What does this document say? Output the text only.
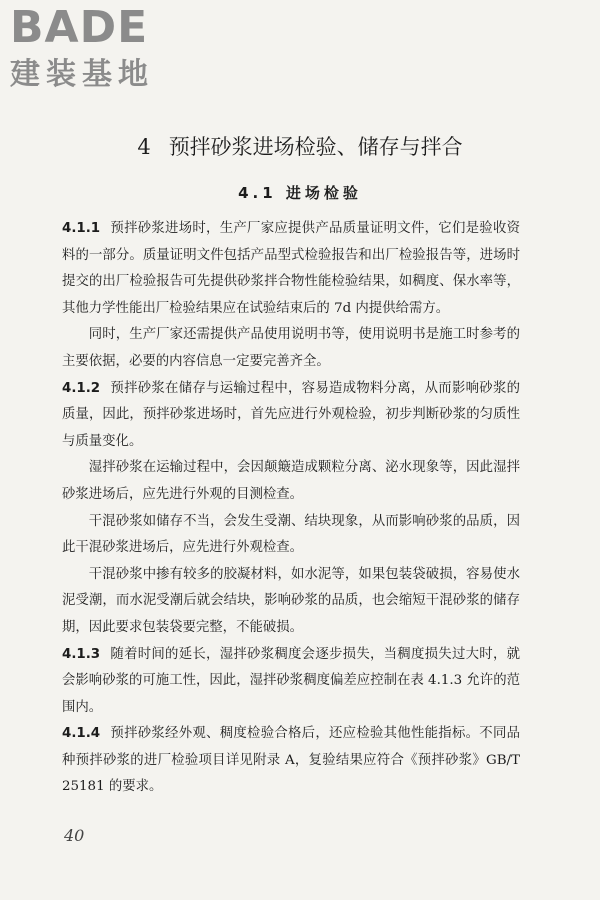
BADE
建装基地
4 预拌砂浆进场检验、储存与拌合
4.1 进场检验

4.1.1 预拌砂浆进场时，生产厂家应提供产品质量证明文件，它们是验收资料的一部分。质量证明文件包括产品型式检验报告和出厂检验报告等，进场时提交的出厂检验报告可先提供砂浆拌合物性能检验结果，如稠度、保水率等，其他力学性能出厂检验结果应在试验结束后的 7d 内提供给需方。

同时，生产厂家还需提供产品使用说明书等，使用说明书是施工时参考的主要依据，必要的内容信息一定要完善齐全。

4.1.2 预拌砂浆在储存与运输过程中，容易造成物料分离，从而影响砂浆的质量，因此，预拌砂浆进场时，首先应进行外观检验，初步判断砂浆的匀质性与质量变化。

湿拌砂浆在运输过程中，会因颠簸造成颗粒分离、泌水现象等，因此湿拌砂浆进场后，应先进行外观的目测检查。

干混砂浆如储存不当，会发生受潮、结块现象，从而影响砂浆的品质，因此干混砂浆进场后，应先进行外观检查。

干混砂浆中掺有较多的胶凝材料，如水泥等，如果包装袋破损，容易使水泥受潮，而水泥受潮后就会结块，影响砂浆的品质，也会缩短干混砂浆的储存期，因此要求包装袋要完整，不能破损。

4.1.3 随着时间的延长，湿拌砂浆稠度会逐步损失，当稠度损失过大时，就会影响砂浆的可施工性，因此，湿拌砂浆稠度偏差应控制在表 4.1.3 允许的范围内。

4.1.4 预拌砂浆经外观、稠度检验合格后，还应检验其他性能指标。不同品种预拌砂浆的进厂检验项目详见附录 A，复验结果应符合《预拌砂浆》GB/T 25181 的要求。

40
